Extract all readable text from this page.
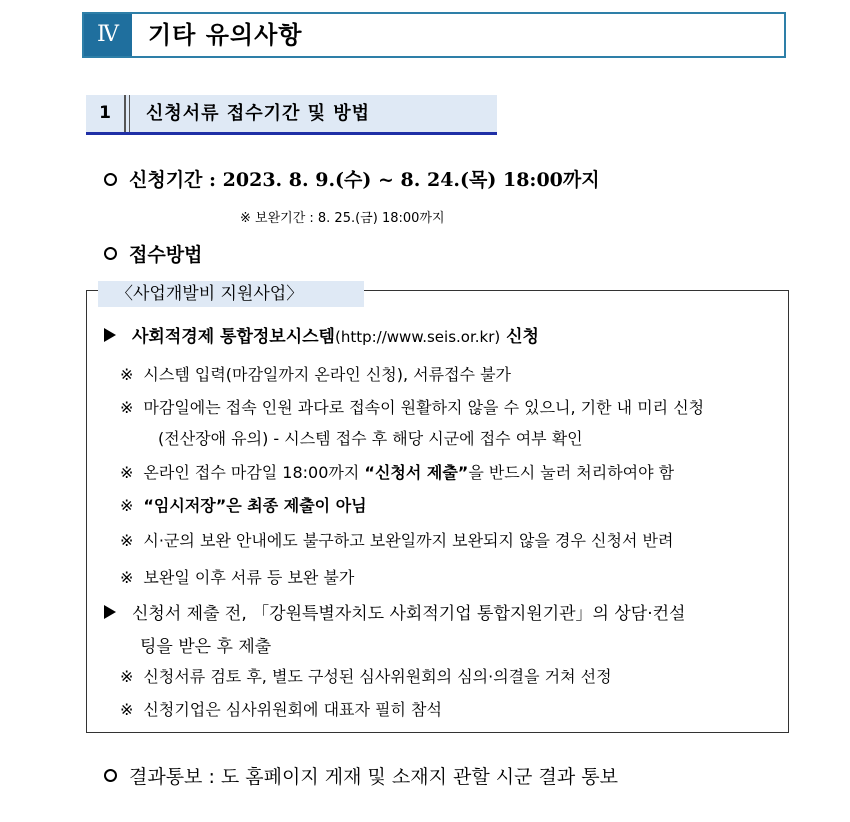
Ⅳ	기타 유의사항
1	신청서류 접수기간 및 방법
신청기간 : 2023. 8. 9.(수) ~ 8. 24.(목) 18:00까지
※ 보완기간 : 8. 25.(금) 18:00까지
접수방법
〈사업개발비 지원사업〉
사회적경제 통합정보시스템(http://www.seis.or.kr) 신청
※ 시스템 입력(마감일까지 온라인 신청), 서류접수 불가
※ 마감일에는 접속 인원 과다로 접속이 원활하지 않을 수 있으니, 기한 내 미리 신청
(전산장애 유의) - 시스템 접수 후 해당 시군에 접수 여부 확인
※ 온라인 접수 마감일 18:00까지 “신청서 제출”을 반드시 눌러 처리하여야 함
※ “임시저장”은 최종 제출이 아님
※ 시·군의 보완 안내에도 불구하고 보완일까지 보완되지 않을 경우 신청서 반려
※ 보완일 이후 서류 등 보완 불가
신청서 제출 전, 「강원특별자치도 사회적기업 통합지원기관」의 상담·컨설
팅을 받은 후 제출
※ 신청서류 검토 후, 별도 구성된 심사위원회의 심의·의결을 거쳐 선정
※ 신청기업은 심사위원회에 대표자 필히 참석
결과통보 : 도 홈페이지 게재 및 소재지 관할 시군 결과 통보
